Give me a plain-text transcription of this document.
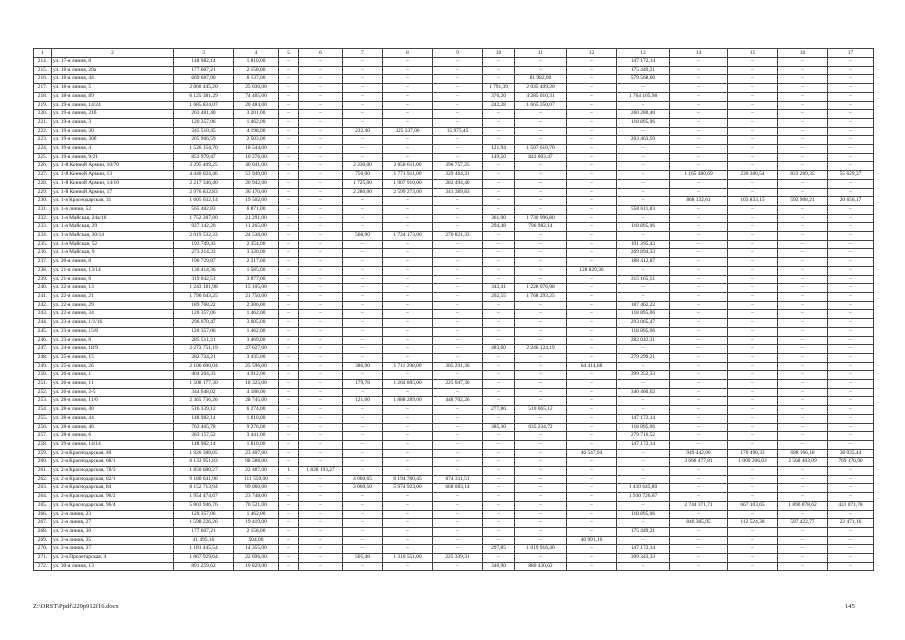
1	2	3	4	5	6	7	8	9	10	11	12	13	14	15	16	17
214.	ул. 17-я линия, 8	148 982,14	1 810,00	–	–	–	–	–	–	–	–	147 172,14	–	–	–	–
215.	ул. 18-я линия, 20а	177 607,21	2 158,00	–	–	–	–	–	–	–	–	175 449,21	–	–	–	–
216.	ул. 18-я линия, 44	669 687,00	8 137,00	–	–	–	–	–	–	81 982,00	–	579 568,00	–	–	–	–
217.	ул. 18-я линия, 5	2 060 445,20	25 036,00	–	–	–	–	–	1 791,39	2 035 409,20	–	–	–	–	–	–
218.	ул. 18-я линия, 89	6 125 381,29	74 405,00	–	–	–	–	–	376,20	4 285 010,31	–	1 764 165,98	–	–	–	–
219.	ул. 19-я линия, 14/24	1 685 834,07	20 484,00	–	–	–	–	–	242,28	1 665 350,07	–	–	–	–	–	–
220.	ул. 19-я линия, 21б	263 481,40	3 201,00	–	–	–	–	–	–	–	–	260 280,40	–	–	–	–
221.	ул. 19-я линия, 3	120 357,06	1 462,00	–	–	–	–	–	–	–	–	118 895,06	–	–	–	–
222.	ул. 19-я линия, 30	345 510,45	4 198,00	–	–	232,40	325 337,00	15 975,45	–	–	–	–	–	–	–	–
223.	ул. 19-я линия, 30б	205 966,59	2 503,00	–	–	–	–	–	–	–	–	203 463,59	–	–	–	–
224.	ул. 19-я линия, 4	1 526 154,70	18 544,00	–	–	–	–	–	121,94	1 507 610,70	–	–	–	–	–	–
225.	ул. 19-я линия, 9/21	853 979,47	10 376,00	–	–	–	–	–	149,50	843 603,47	–	–	–	–	–	–
226.	ул. 1-й Конной Армии, 10/70	3 295 409,25	40 041,00	–	–	2 330,00	2 858 611,00	396 757,25	–	–	–	–	–	–	–	–
227.	ул. 1-й Конной Армии, 13	4 440 024,46	53 949,00	–	–	750,00	1 771 911,00	329 464,31	–	–	–	–	1 165 480,69	230 300,54	833 289,35	55 629,37
228.	ул. 1-й Конной Армии, 14/10	2 217 346,40	26 942,00	–	–	1 725,00	1 907 910,00	282 494,40	–	–	–	–	–	–	–	–
229.	ул. 1-й Конной Армии, 17	2 976 832,83	36 170,00	–	–	2 280,00	2 599 273,00	341 389,83	–	–	–	–	–	–	–	–
230.	ул. 1-я Краснодарская, 31	1 605 032,14	19 502,00	–	–	–	–	–	–	–	–	–	868 132,61	103 833,15	592 908,21	20 656,17
231.	ул. 1-я линия, 52	565 482,83	6 871,00	–	–	–	–	–	–	–	–	558 611,83	–	–	–	–
232.	ул. 1-я Майская, 24а/16	1 752 287,80	21 291,00	–	–	–	–	–	361,90	1 730 996,80	–	–	–	–	–	–
233.	ул. 1-я Майская, 29	927 142,20	11 265,00	–	–	–	–	–	294,48	796 982,14	–	118 895,06	–	–	–	–
234.	ул. 1-я Майская, 30/14	2 019 532,33	24 538,00	–	–	568,90	1 724 173,00	270 821,33	–	–	–	–	–	–	–	–
235.	ул. 1-я Майская, 52	193 749,43	2 354,00	–	–	–	–	–	–	–	–	191 395,43	–	–	–	–
236.	ул. 1-я Майская, 9	273 214,33	3 320,00	–	–	–	–	–	–	–	–	269 894,33	–	–	–	–
237.	ул. 20-я линия, 8	190 729,87	2 317,00	–	–	–	–	–	–	–	–	188 412,87	–	–	–	–
238.	ул. 21-я линия, 13/14	130 414,36	1 585,00	–	–	–	–	–	–	–	128 829,36	–	–	–	–	–
239.	ул. 21-я линия, 6	319 042,51	3 877,00	–	–	–	–	–	–	–	–	315 165,51	–	–	–	–
240.	ул. 22-я линия, 13	1 243 181,98	15 105,00	–	–	–	–	–	343,41	1 228 076,98	–	–	–	–	–	–
241.	ул. 22-я линия, 21	1 790 043,25	21 750,00	–	–	–	–	–	202,55	1 768 293,25	–	–	–	–	–	–
242.	ул. 22-я линия, 29	189 768,22	2 306,00	–	–	–	–	–	–	–	–	187 462,22	–	–	–	–
243.	ул. 22-я линия, 34	120 357,06	1 462,00	–	–	–	–	–	–	–	–	118 895,06	–	–	–	–
244.	ул. 23-я линия, 1/1/16	296 670,47	3 605,00	–	–	–	–	–	–	–	–	293 065,47	–	–	–	–
245.	ул. 23-я линия, 15/8	120 357,06	1 462,00	–	–	–	–	–	–	–	–	118 895,06	–	–	–	–
246.	ул. 23-я линия, 8	285 511,31	3 469,00	–	–	–	–	–	–	–	–	282 042,31	–	–	–	–
247.	ул. 24-я линия, 18/9	2 273 751,19	27 627,00	–	–	–	–	–	483,60	2 246 124,19	–	–	–	–	–	–
248.	ул. 25-я линия, 15	282 734,21	3 435,00	–	–	–	–	–	–	–	–	279 299,21	–	–	–	–
249.	ул. 25-я линия, 26	2 106 600,04	25 596,00	–	–	386,90	1 711 298,00	305 291,36	–	–	64 414,68	–	–	–	–	–
250.	ул. 26-я линия, 1	404 264,33	4 912,00	–	–	–	–	–	–	–	–	399 352,33	–	–	–	–
251.	ул. 26-я линия, 11	1 508 177,30	18 325,00	–	–	179,78	1 264 805,00	225 047,30	–	–	–	–	–	–	–	–
252.	ул. 26-я линия, 3-5	344 648,02	4 188,00	–	–	–	–	–	–	–	–	340 460,02	–	–	–	–
253.	ул. 28-я линия, 11/6	2 365 736,26	28 745,00	–	–	121,00	1 888 289,00	448 702,26	–	–	–	–	–	–	–	–
254.	ул. 28-я линия, 40	516 339,12	6 274,00	–	–	–	–	–	277,86	510 065,12	–	–	–	–	–	–
255.	ул. 28-я линия, 44	148 982,14	1 810,00	–	–	–	–	–	–	–	–	147 172,14	–	–	–	–
256.	ул. 28-я линия, 46	763 405,78	9 276,00	–	–	–	–	–	385,30	635 234,72	–	118 895,06	–	–	–	–
257.	ул. 28-я линия, 6	283 157,52	3 441,00	–	–	–	–	–	–	–	–	279 716,52	–	–	–	–
258.	ул. 29-я линия, 14/14	148 982,14	1 810,00	–	–	–	–	–	–	–	–	147 172,14	–	–	–	–
259.	ул. 2-я Краснодарская, 40	1 926 388,05	23 407,00	–	–	–	–	–	–	–	46 547,04	–	949 442,06	170 490,33	698 166,18	38 035,44
260.	ул. 2-я Краснодарская, 68/1	8 133 951,83	98 588,00	–	–	–	–	–	–	–	–	–	3 668 477,81	1 009 206,03	2 568 403,09	769 176,90
261.	ул. 2-я Краснодарская, 78/3	1 850 680,27	22 487,00	1	1 828 193,27	–	–	–	–	–	–	–	–	–	–	–
262.	ул. 2-я Краснодарская, 82/1	9 180 641,96	111 550,00	–	–	4 060,65	8 194 780,45	874 311,51	–	–	–	–	–	–	–	–
263.	ул. 2-я Краснодарская, 84	8 152 713,94	99 060,00	–	–	3 060,50	5 974 923,00	668 083,14	–	–	–	1 410 645,80	–	–	–	–
264.	ул. 2-я Краснодарская, 96/2	1 954 474,67	23 748,00	–	–	–	–	–	–	–	–	1 930 726,67	–	–	–	–
265.	ул. 2-я Краснодарская, 96/4	5 803 946,76	70 521,00	–	–	–	–	–	–	–	–	–	2 744 371,71	667 103,65	1 890 878,62	431 071,78
266.	ул. 2-я линия, 23	120 357,06	1 462,00	–	–	–	–	–	–	–	–	118 895,06	–	–	–	–
267.	ул. 2-я линия, 27	1 598 226,26	19 419,00	–	–	–	–	–	–	–	–	–	846 385,95	112 524,38	597 422,77	22 471,16
268.	ул. 2-я линия, 30	177 607,21	2 158,00	–	–	–	–	–	–	–	–	175 449,21	–	–	–	–
269.	ул. 2-я линия, 35	41 495,16	504,00	–	–	–	–	–	–	–	40 991,16	–	–	–	–	–
270.	ул. 2-я линия, 37	1 181 445,54	14 355,00	–	–	–	–	–	297,85	1 019 916,40	–	147 172,14	–	–	–	–
271.	ул. 2-я Пролетарская, 4	1 867 929,64	22 696,00	–	–	505,48	1 310 551,00	225 339,31	–	–	–	309 343,33	–	–	–	–
272.	ул. 30-я линия, 13	891 259,62	10 829,00	–	–	–	–	–	340,90	880 430,62	–	–	–	–	–	–
Z:\ORST\Ppdf\229p912f16.docx	145
